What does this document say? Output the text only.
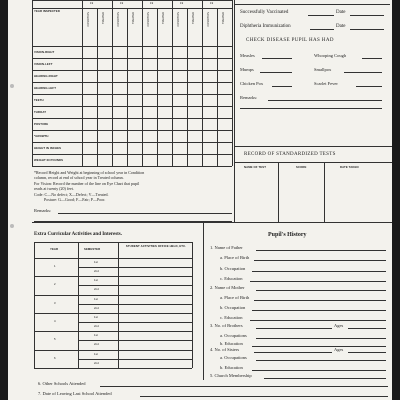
YEAR INSPECTED
19
CONDITION	TREATED
19
CONDITION	TREATED
19
CONDITION	TREATED
19
CONDITION	TREATED
19
CONDITION	TREATED
VISION-RIGHT
VISION-LEFT
HEARING-RIGHT
HEARING-LEFT
TEETH
THROAT
POSTURE
*GROWTH
HEIGHT IN INCHES
WEIGHT IN POUNDS
*Record Height and Weight at beginning of school year in Condition
column, record at end of school year in Treated column.
For Vision: Record the number of the line on Eye Chart that pupil
reads at twenty (20) feet.
Code: C—No defect; X—Defect; V—Treated.
Posture: G—Good; F—Fair; P—Poor.
Remarks:
Successfully Vaccinated	Date
Diphtheria Immunization	Date
CHECK DISEASE PUPIL HAS HAD
Measles	Whooping Cough
Mumps	Smallpox
Chicken Pox	Scarlet Fever
Remarks:
RECORD OF STANDARDIZED TESTS
NAME OF TEST	SCORE	DATE TAKEN
Extra Curricular Activities and Interests.
YEAR	SEMESTER
STUDENT ACTIVITIES OFFICE HELD, ETC.
1
1st
2nd
2
1st
2nd
3
1st
2nd
4
1st
2nd
5
1st
2nd
6
1st
2nd
Pupil's History
1. Name of Father
a. Place of Birth
b. Occupation
c. Education
2. Name of Mother
a. Place of Birth
b. Occupation
c. Education
3. No. of Brothers	Ages
a. Occupations
b. Education
4. No. of Sisters	Ages
a. Occupations
b. Education
5. Church Membership
6. Other Schools Attended
7. Date of Leaving Last School Attended
